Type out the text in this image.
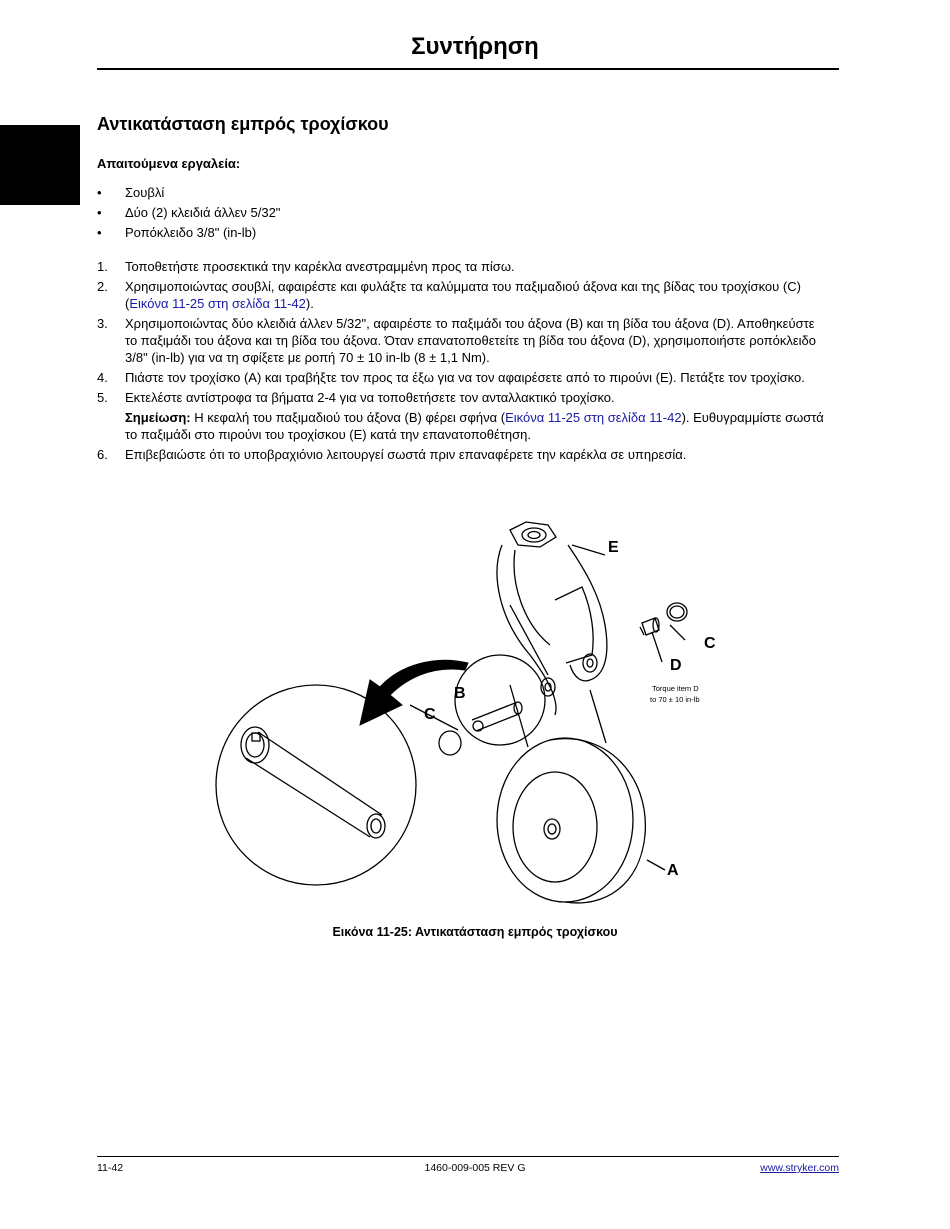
Συντήρηση
Αντικατάσταση εμπρός τροχίσκου
Απαιτούμενα εργαλεία:
• Σουβλί
• Δύο (2) κλειδιά άλλεν 5/32"
• Ροπόκλειδο 3/8" (in-lb)
1. Τοποθετήστε προσεκτικά την καρέκλα ανεστραμμένη προς τα πίσω.
2. Χρησιμοποιώντας σουβλί, αφαιρέστε και φυλάξτε τα καλύμματα του παξιμαδιού άξονα και της βίδας του τροχίσκου (C) (Εικόνα 11-25 στη σελίδα 11-42).
3. Χρησιμοποιώντας δύο κλειδιά άλλεν 5/32", αφαιρέστε το παξιμάδι του άξονα (B) και τη βίδα του άξονα (D). Αποθηκεύστε το παξιμάδι του άξονα και τη βίδα του άξονα. Όταν επανατοποθετείτε τη βίδα του άξονα (D), χρησιμοποιήστε ροπόκλειδο 3/8" (in-lb) για να τη σφίξετε με ροπή 70 ± 10 in-lb (8 ± 1,1 Nm).
4. Πιάστε τον τροχίσκο (A) και τραβήξτε τον προς τα έξω για να τον αφαιρέσετε από το πιρούνι (E). Πετάξτε τον τροχίσκο.
5. Εκτελέστε αντίστροφα τα βήματα 2-4 για να τοποθετήσετε τον ανταλλακτικό τροχίσκο.
Σημείωση: Η κεφαλή του παξιμαδιού του άξονα (B) φέρει σφήνα (Εικόνα 11-25 στη σελίδα 11-42). Ευθυγραμμίστε σωστά το παξιμάδι στο πιρούνι του τροχίσκου (E) κατά την επανατοποθέτηση.
6. Επιβεβαιώστε ότι το υποβραχιόνιο λειτουργεί σωστά πριν επαναφέρετε την καρέκλα σε υπηρεσία.
E
C
D
B
C
A
Torque item D
to 70 ± 10 in-lb
Εικόνα 11-25: Αντικατάσταση εμπρός τροχίσκου
11-42	1460-009-005 REV G	www.stryker.com
